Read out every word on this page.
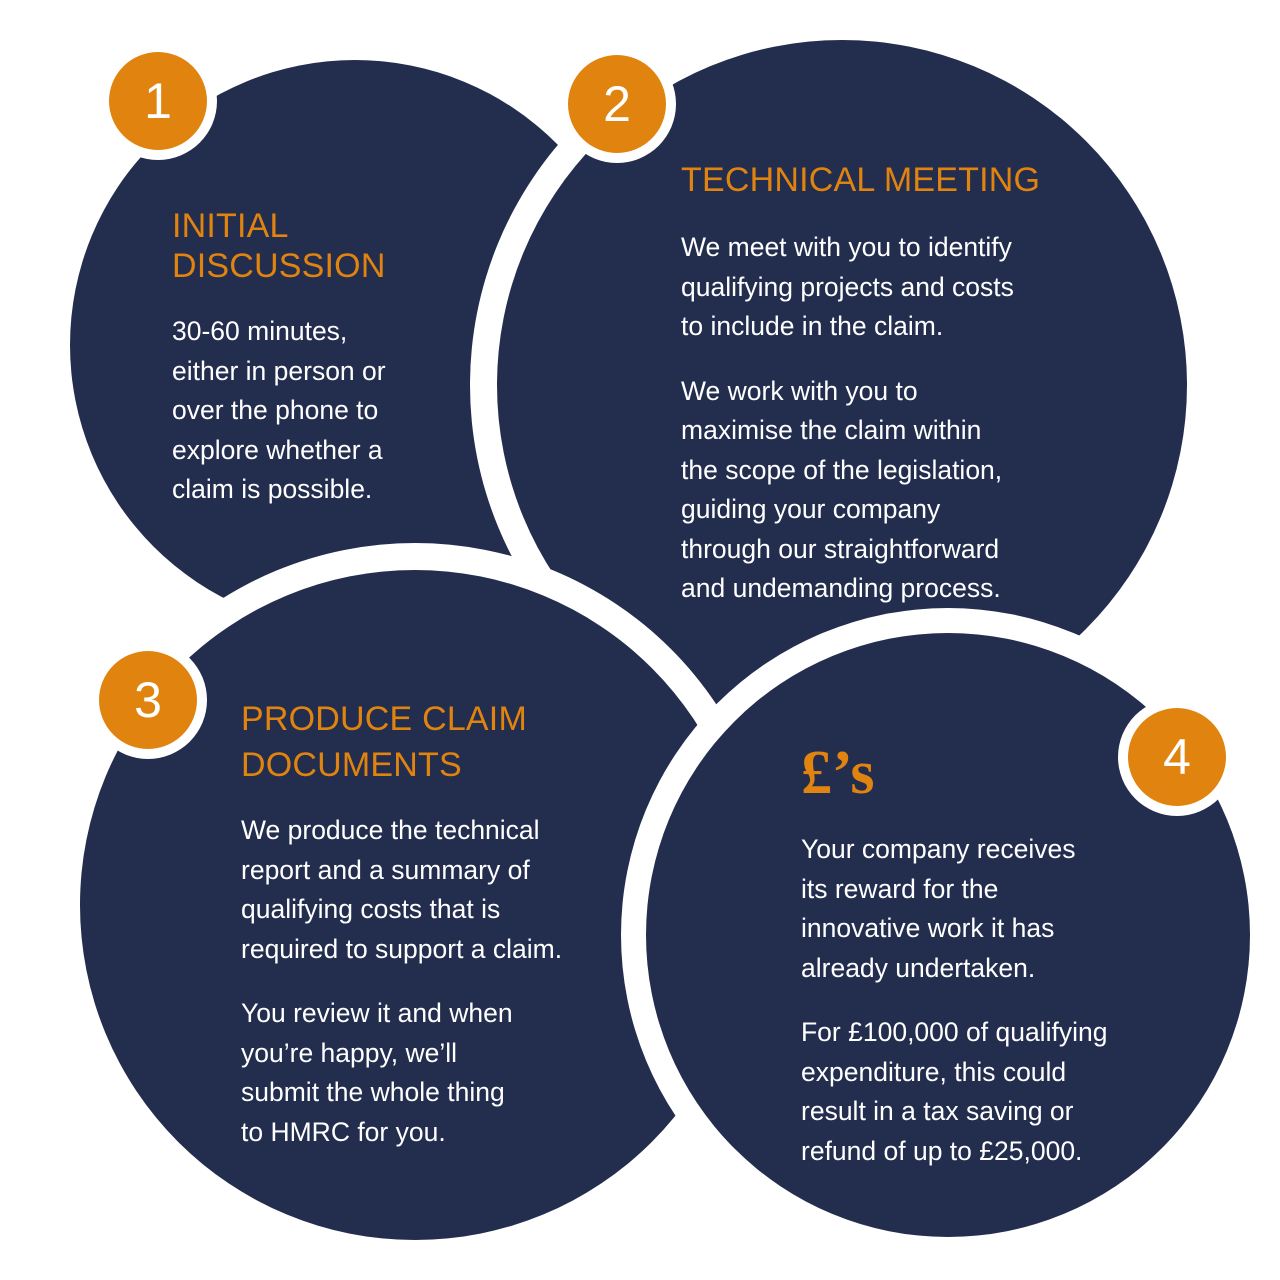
1	2
3
4
INITIAL
DISCUSSION

30-60 minutes,
either in person or
over the phone to
explore whether a
claim is possible.

TECHNICAL MEETING

We meet with you to identify
qualifying projects and costs
to include in the claim.

We work with you to
maximise the claim within
the scope of the legislation,
guiding your company
through our straightforward
and undemanding process.

PRODUCE CLAIM
DOCUMENTS

We produce the technical
report and a summary of
qualifying costs that is
required to support a claim.

You review it and when
you’re happy, we’ll
submit the whole thing
to HMRC for you.

£’s

Your company receives
its reward for the
innovative work it has
already undertaken.

For £100,000 of qualifying
expenditure, this could
result in a tax saving or
refund of up to £25,000.
